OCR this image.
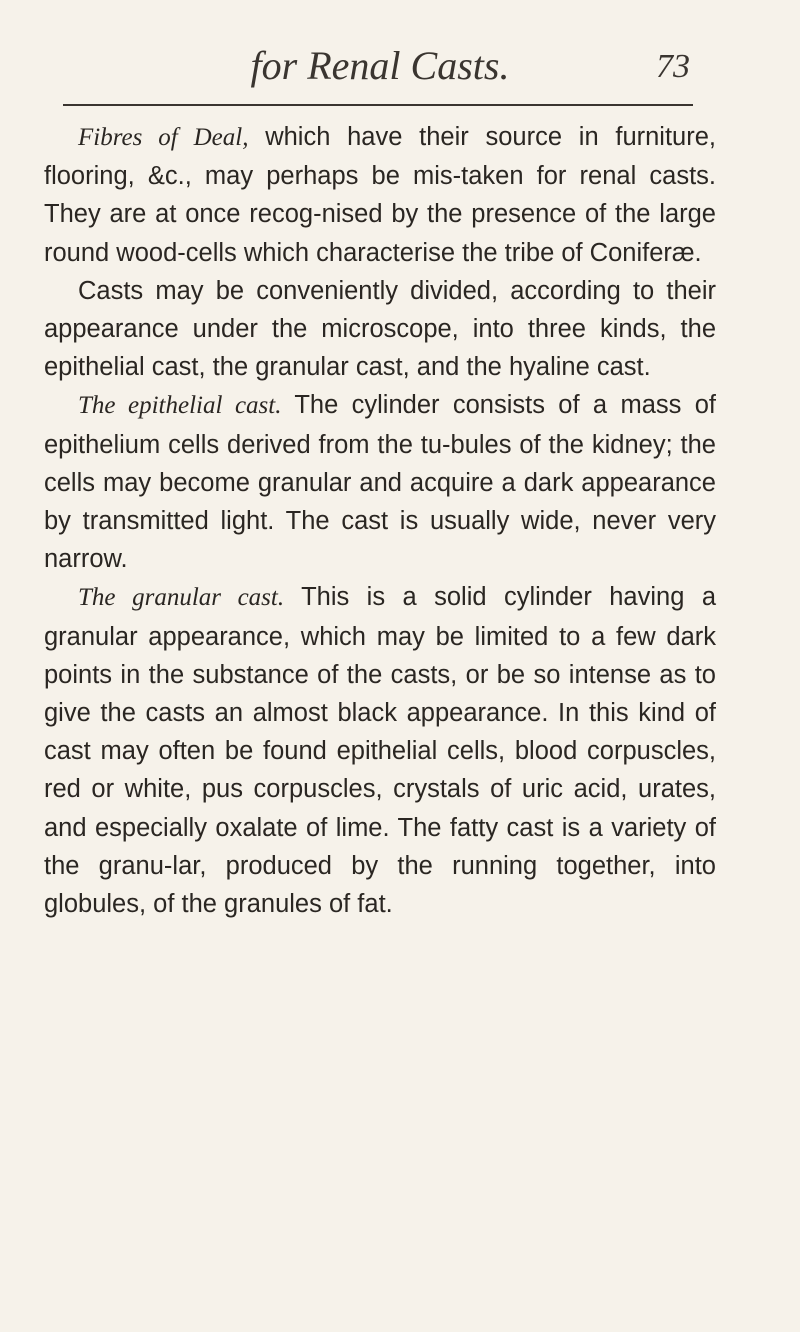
for Renal Casts.	73

Fibres of Deal, which have their source in furniture, flooring, &c., may perhaps be mis-taken for renal casts. They are at once recog-nised by the presence of the large round wood-cells which characterise the tribe of Coniferæ.

Casts may be conveniently divided, according to their appearance under the microscope, into three kinds, the epithelial cast, the granular cast, and the hyaline cast.

The epithelial cast. The cylinder consists of a mass of epithelium cells derived from the tu-bules of the kidney; the cells may become granular and acquire a dark appearance by transmitted light. The cast is usually wide, never very narrow.

The granular cast. This is a solid cylinder having a granular appearance, which may be limited to a few dark points in the substance of the casts, or be so intense as to give the casts an almost black appearance. In this kind of cast may often be found epithelial cells, blood corpuscles, red or white, pus corpuscles, crystals of uric acid, urates, and especially oxalate of lime. The fatty cast is a variety of the granu-lar, produced by the running together, into globules, of the granules of fat.
